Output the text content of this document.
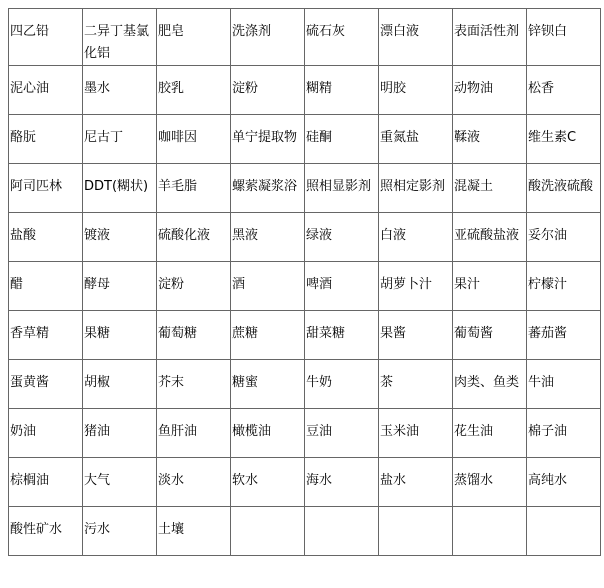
四乙铅	二异丁基氯化铝	肥皂	洗涤剂	硫石灰	漂白液	表面活性剂	锌钡白

泥心油	墨水	胶乳	淀粉	糊精	明胶	动物油	松香

酪朊	尼古丁	咖啡因	单宁提取物	硅酮	重氮盐	鞣液	维生素C

阿司匹林	DDT(糊状)	羊毛脂	螺萦凝浆浴	照相显影剂	照相定影剂	混凝土	酸洗液硫酸

盐酸	镀液	硫酸化液	黑液	绿液	白液	亚硫酸盐液	妥尔油

醋	酵母	淀粉	酒	啤酒	胡萝卜汁	果汁	柠檬汁

香草精	果糖	葡萄糖	蔗糖	甜菜糖	果酱	葡萄酱	蕃茄酱

蛋黄酱	胡椒	芥末	糖蜜	牛奶	茶	肉类、鱼类	牛油

奶油	猪油	鱼肝油	橄榄油	豆油	玉米油	花生油	棉子油

棕榈油	大气	淡水	软水	海水	盐水	蒸馏水	高纯水

酸性矿水	污水	土壤					
